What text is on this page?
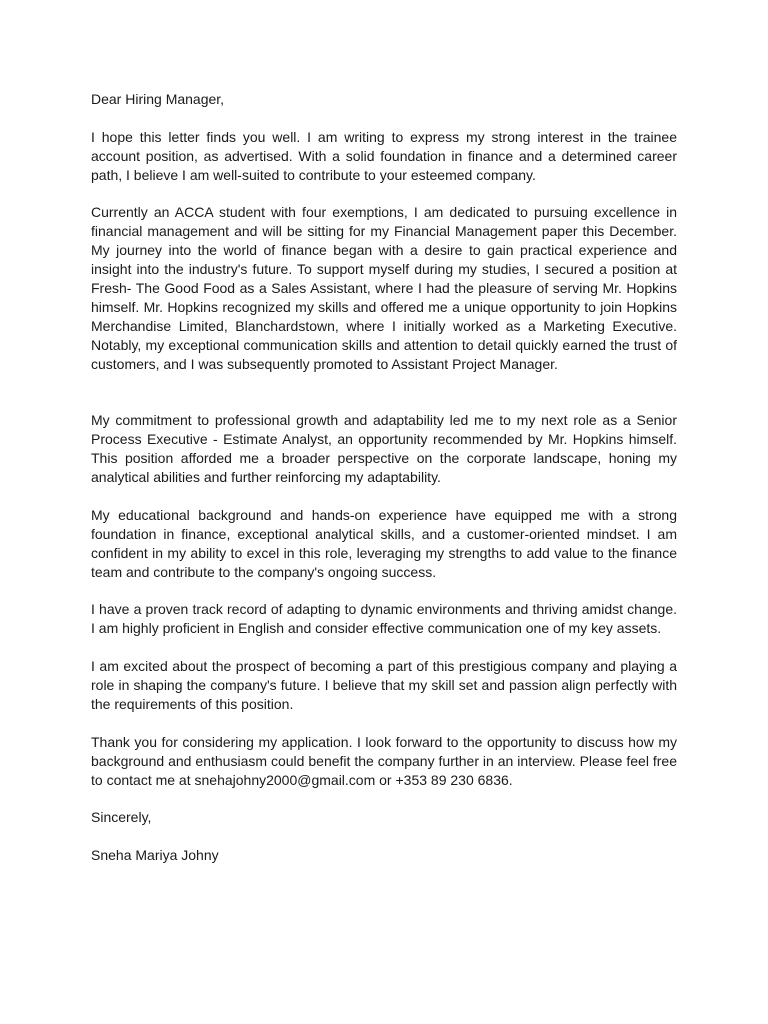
Dear Hiring Manager,

I hope this letter finds you well. I am writing to express my strong interest in the trainee account position, as advertised. With a solid foundation in finance and a determined career path, I believe I am well-suited to contribute to your esteemed company.

Currently an ACCA student with four exemptions, I am dedicated to pursuing excellence in financial management and will be sitting for my Financial Management paper this December. My journey into the world of finance began with a desire to gain practical experience and insight into the industry's future. To support myself during my studies, I secured a position at Fresh- The Good Food as a Sales Assistant, where I had the pleasure of serving Mr. Hopkins himself. Mr. Hopkins recognized my skills and offered me a unique opportunity to join Hopkins Merchandise Limited, Blanchardstown, where I initially worked as a Marketing Executive. Notably, my exceptional communication skills and attention to detail quickly earned the trust of customers, and I was subsequently promoted to Assistant Project Manager.

My commitment to professional growth and adaptability led me to my next role as a Senior Process Executive - Estimate Analyst, an opportunity recommended by Mr. Hopkins himself. This position afforded me a broader perspective on the corporate landscape, honing my analytical abilities and further reinforcing my adaptability.

My educational background and hands-on experience have equipped me with a strong foundation in finance, exceptional analytical skills, and a customer-oriented mindset. I am confident in my ability to excel in this role, leveraging my strengths to add value to the finance team and contribute to the company's ongoing success.

I have a proven track record of adapting to dynamic environments and thriving amidst change. I am highly proficient in English and consider effective communication one of my key assets.

I am excited about the prospect of becoming a part of this prestigious company and playing a role in shaping the company's future. I believe that my skill set and passion align perfectly with the requirements of this position.

Thank you for considering my application. I look forward to the opportunity to discuss how my background and enthusiasm could benefit the company further in an interview. Please feel free to contact me at snehajohny2000@gmail.com or +353 89 230 6836.

Sincerely,

Sneha Mariya Johny
